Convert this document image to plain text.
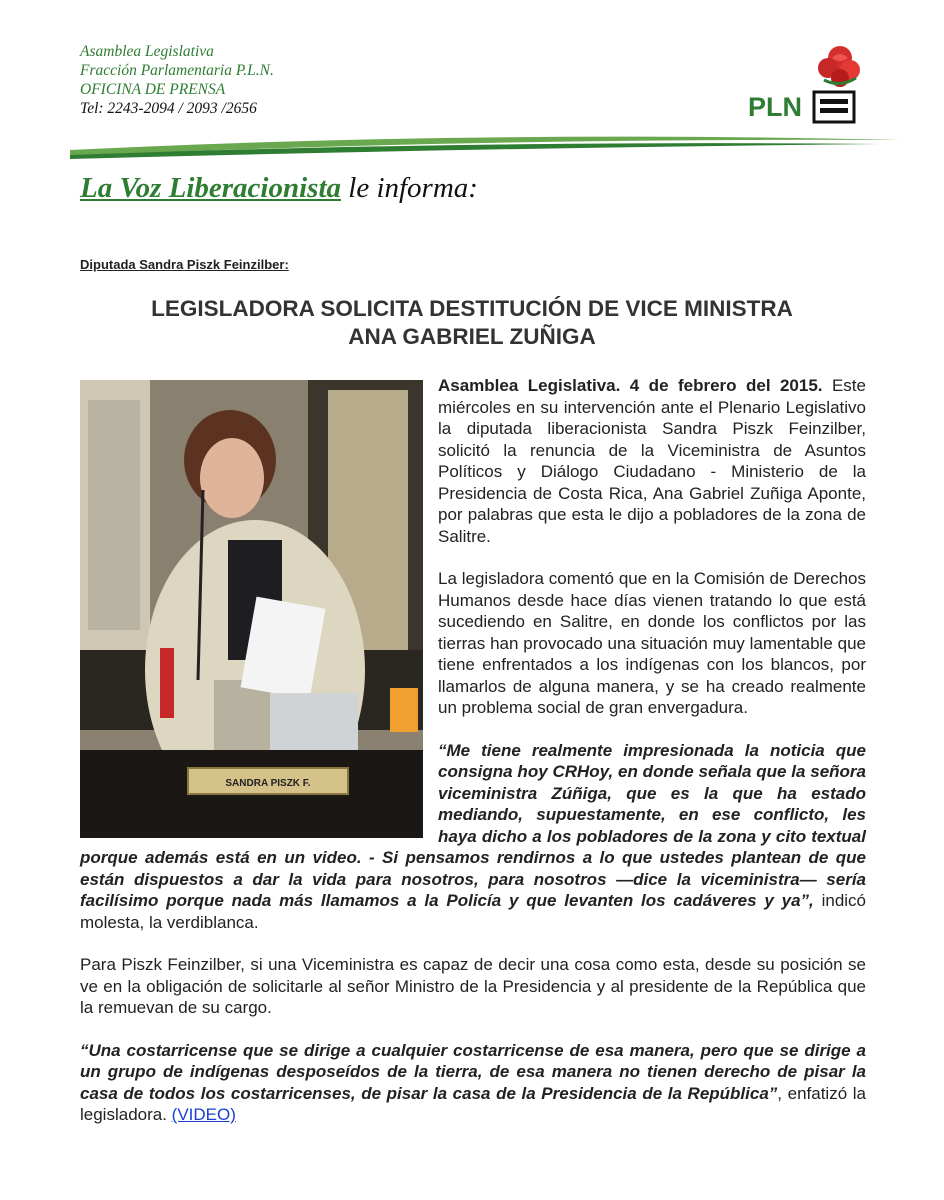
Asamblea Legislativa
Fracción Parlamentaria P.L.N.
OFICINA DE PRENSA
Tel: 2243-2094 / 2093 /2656	PLN
La Voz Liberacionista le informa:
Diputada Sandra Piszk Feinzilber:
LEGISLADORA SOLICITA DESTITUCIÓN DE VICE MINISTRA
ANA GABRIEL ZUÑIGA
SANDRA PISZK F.

Asamblea Legislativa. 4 de febrero del 2015. Este miércoles en su intervención ante el Plenario Legislativo la diputada liberacionista Sandra Piszk Feinzilber, solicitó la renuncia de la Viceministra de Asuntos Políticos y Diálogo Ciudadano - Ministerio de la Presidencia de Costa Rica, Ana Gabriel Zuñiga Aponte, por palabras que esta le dijo a pobladores de la zona de Salitre.

La legisladora comentó que en la Comisión de Derechos Humanos desde hace días vienen tratando lo que está sucediendo en Salitre, en donde los conflictos por las tierras han provocado una situación muy lamentable que tiene enfrentados a los indígenas con los blancos, por llamarlos de alguna manera, y se ha creado realmente un problema social de gran envergadura.

“Me tiene realmente impresionada la noticia que consigna hoy CRHoy, en donde señala que la señora viceministra Zúñiga, que es la que ha estado mediando, supuestamente, en ese conflicto, les haya dicho a los pobladores de la zona y cito textual porque además está en un video. - Si pensamos rendirnos a lo que ustedes plantean de que están dispuestos a dar la vida para nosotros, para nosotros —dice la viceministra— sería facilísimo porque nada más llamamos a la Policía y que levanten los cadáveres y ya”, indicó molesta, la verdiblanca.

Para Piszk Feinzilber, si una Viceministra es capaz de decir una cosa como esta, desde su posición se ve en la obligación de solicitarle al señor Ministro de la Presidencia y al presidente de la República que la remuevan de su cargo.

“Una costarricense que se dirige a cualquier costarricense de esa manera, pero que se dirige a un grupo de indígenas desposeídos de la tierra, de esa manera no tienen derecho de pisar la casa de todos los costarricenses, de pisar la casa de la Presidencia de la República”, enfatizó la legisladora. (VIDEO)
